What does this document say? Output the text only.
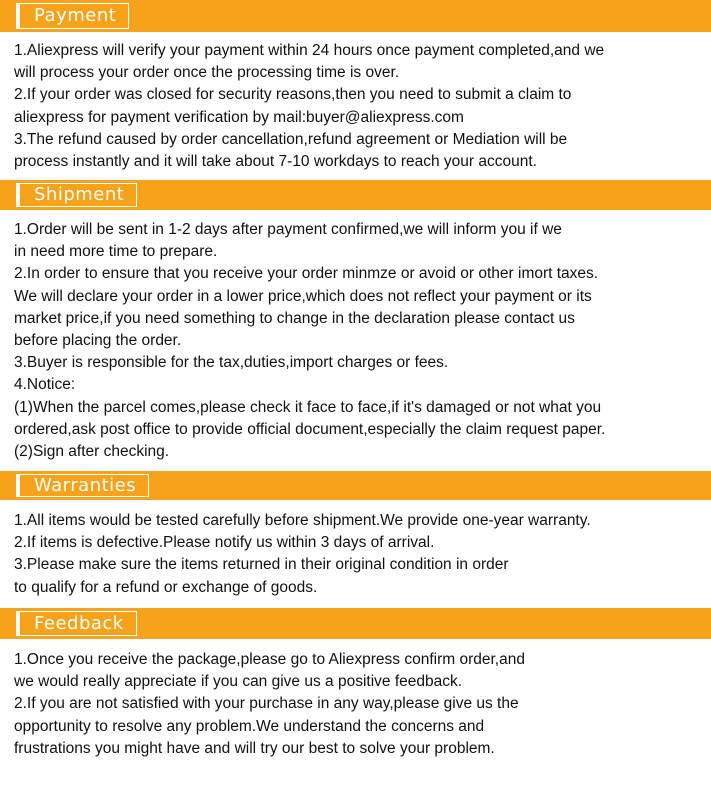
Payment
1.Aliexpress will verify your payment within 24 hours once payment completed,and we
will process your order once the processing time is over.
2.If your order was closed for security reasons,then you need to submit a claim to
aliexpress for payment verification by mail:buyer@aliexpress.com
3.The refund caused by order cancellation,refund agreement or Mediation will be
process instantly and it will take about 7-10 workdays to reach your account.
Shipment
1.Order will be sent in 1-2 days after payment confirmed,we will inform you if we
in need more time to prepare.
2.In order to ensure that you receive your order minmze or avoid or other imort taxes.
We will declare your order in a lower price,which does not reflect your payment or its
market price,if you need something to change in the declaration please contact us
before placing the order.
3.Buyer is responsible for the tax,duties,import charges or fees.
4.Notice:
(1)When the parcel comes,please check it face to face,if it's damaged or not what you
ordered,ask post office to provide official document,especially the claim request paper.
(2)Sign after checking.
Warranties
1.All items would be tested carefully before shipment.We provide one-year warranty.
2.If items is defective.Please notify us within 3 days of arrival.
3.Please make sure the items returned in their original condition in order
to qualify for a refund or exchange of goods.
Feedback
1.Once you receive the package,please go to Aliexpress confirm order,and
we would really appreciate if you can give us a positive feedback.
2.If you are not satisfied with your purchase in any way,please give us the
opportunity to resolve any problem.We understand the concerns and
frustrations you might have and will try our best to solve your problem.
